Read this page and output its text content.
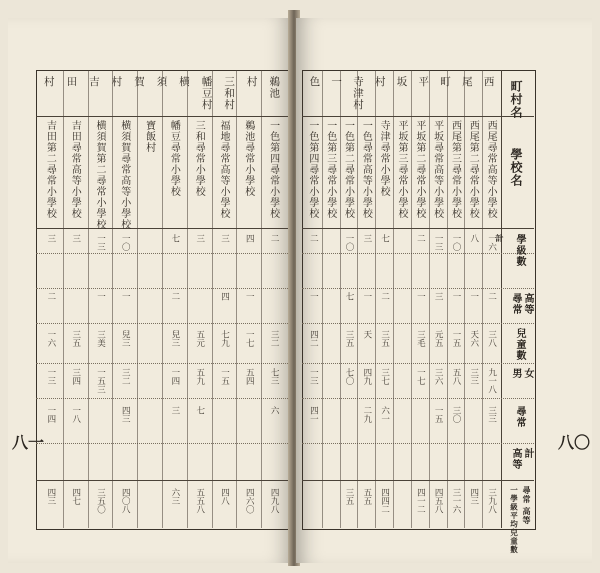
八一
一色第四尋常小學校
二
三二
七三
六
四九八
鵜池尋常小學校
四
一
一七
五四
四六〇
福地尋常高等小學校
三
四
七九
一五
四八
三和尋常小學校
三
五元
五九
七
五五八
幡豆尋常小學校
七
二
兒三
一四
三
六三
寶飯村
横須賀尋常高等小學校
一〇
一
兒三
三二
四三
四〇八
横須賀第二尋常小學校
一三
一
三美
一五三
三五〇
吉田尋常高等小學校
三
三五
三四
一八
四七
吉田第二尋常小學校
三
二
一六
一三
一四
四三
鵜池
村
三和村
幡豆村
横
須
賀
村
吉
田
村
八〇
町村名
學校名
學級數
尋常 高等
兒童數
男 女
尋常
高等 計
一學級平均兒童數 尋常
高等
計
西尾尋常高等小學校
一六
二
三八
九一八
三三
三九八
西尾第二尋常小學校
八
一
天六
三三
四三
西尾第三尋常小學校
一〇
一
一五
五八
三〇
三一六
平坂尋常高等小學校
一三
三
元五
三六
一五
四五八
平坂第二尋常小學校
二
一
三毛
一七
四一二
平坂第三尋常小學校
寺津尋常小學校
七
二
三五
三七
六一
四四二
一色尋常高等小學校
三
一
天
四九
二九
五五
一色第二尋常小學校
一〇
七
三五
七〇
三五
一色第三尋常小學校
一色第四尋常小學校
二
一
四二
一三
四一
西
尾
町
平
坂
村
寺津村
一
色
